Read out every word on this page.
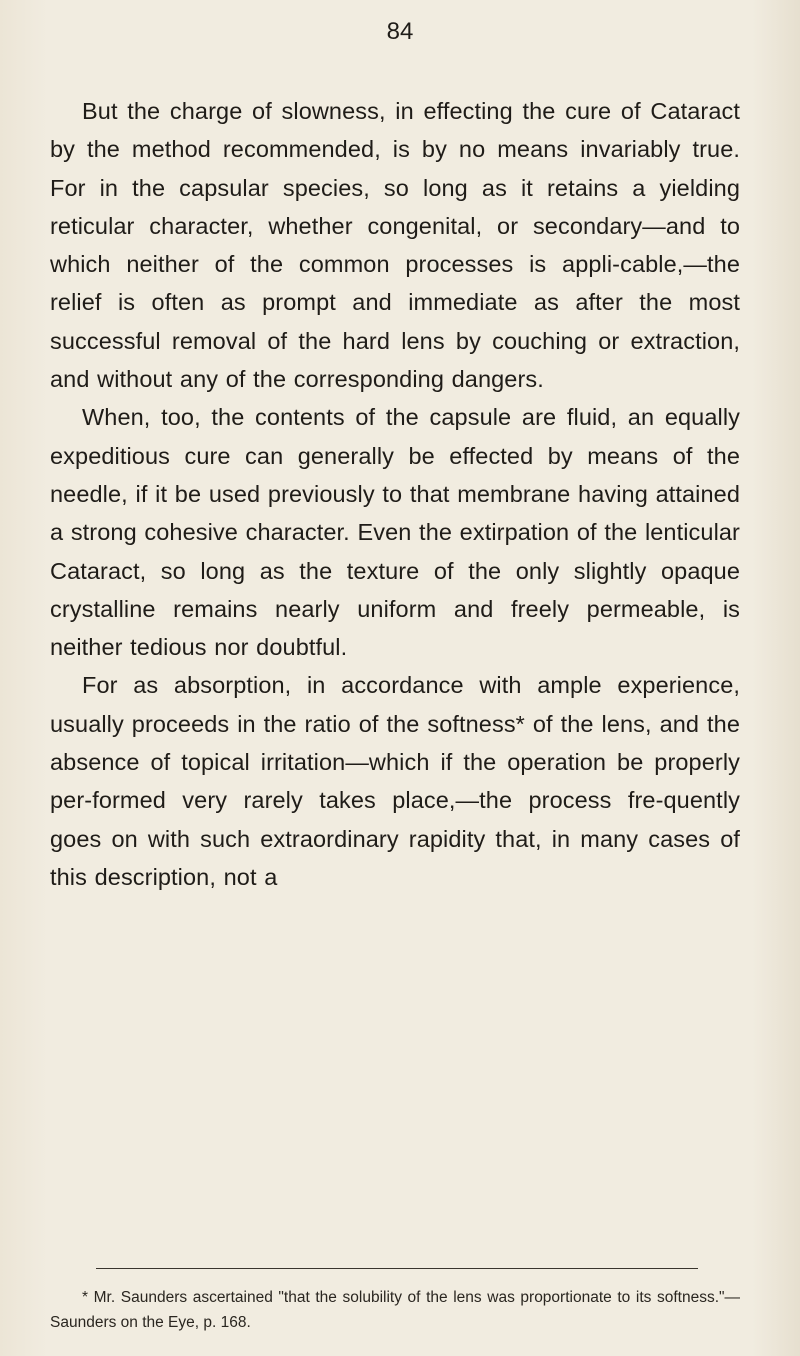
84

But the charge of slowness, in effecting the cure of Cataract by the method recommended, is by no means invariably true. For in the capsular species, so long as it retains a yielding reticular character, whether congenital, or secondary—and to which neither of the common processes is appli-cable,—the relief is often as prompt and immediate as after the most successful removal of the hard lens by couching or extraction, and without any of the corresponding dangers.

When, too, the contents of the capsule are fluid, an equally expeditious cure can generally be effected by means of the needle, if it be used previously to that membrane having attained a strong cohesive character. Even the extirpation of the lenticular Cataract, so long as the texture of the only slightly opaque crystalline remains nearly uniform and freely permeable, is neither tedious nor doubtful.

For as absorption, in accordance with ample experience, usually proceeds in the ratio of the softness* of the lens, and the absence of topical irritation—which if the operation be properly per-formed very rarely takes place,—the process fre-quently goes on with such extraordinary rapidity that, in many cases of this description, not a

* Mr. Saunders ascertained "that the solubility of the lens was proportionate to its softness."—Saunders on the Eye, p. 168.
